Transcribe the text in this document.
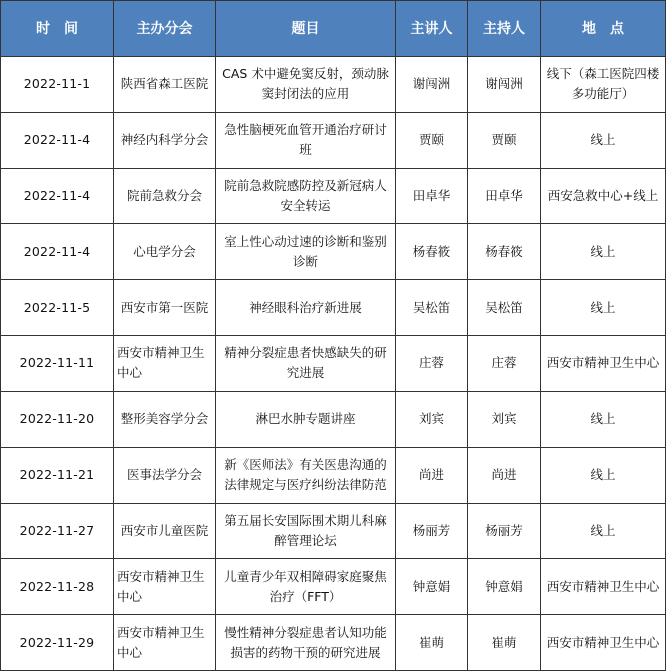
时　间	主办分会	题目	主讲人	主持人	地　点

2022-11-1	陕西省森工医院	CAS 术中避免窦反射，颈动脉
窦封闭法的应用	谢闯洲	谢闯洲	线下（森工医院四楼
多功能厅）

2022-11-4	神经内科学分会	急性脑梗死血管开通治疗研讨
班	贾颐	贾颐	线上

2022-11-4	院前急救分会	院前急救院感防控及新冠病人
安全转运	田卓华	田卓华	西安急救中心+线上

2022-11-4	心电学分会	室上性心动过速的诊断和鉴别
诊断	杨春筱	杨春筱	线上

2022-11-5	西安市第一医院	神经眼科治疗新进展	吴松笛	吴松笛	线上

2022-11-11	西安市精神卫生
中心	精神分裂症患者快感缺失的研
究进展	庄蓉	庄蓉	西安市精神卫生中心

2022-11-20	整形美容学分会	淋巴水肿专题讲座	刘宾	刘宾	线上

2022-11-21	医事法学分会	新《医师法》有关医患沟通的
法律规定与医疗纠纷法律防范	尚进	尚进	线上

2022-11-27	西安市儿童医院	第五届长安国际围术期儿科麻
醉管理论坛	杨丽芳	杨丽芳	线上

2022-11-28	西安市精神卫生
中心	儿童青少年双相障碍家庭聚焦
治疗（FFT）	钟意娟	钟意娟	西安市精神卫生中心

2022-11-29	西安市精神卫生
中心	慢性精神分裂症患者认知功能
损害的药物干预的研究进展	崔萌	崔萌	西安市精神卫生中心
